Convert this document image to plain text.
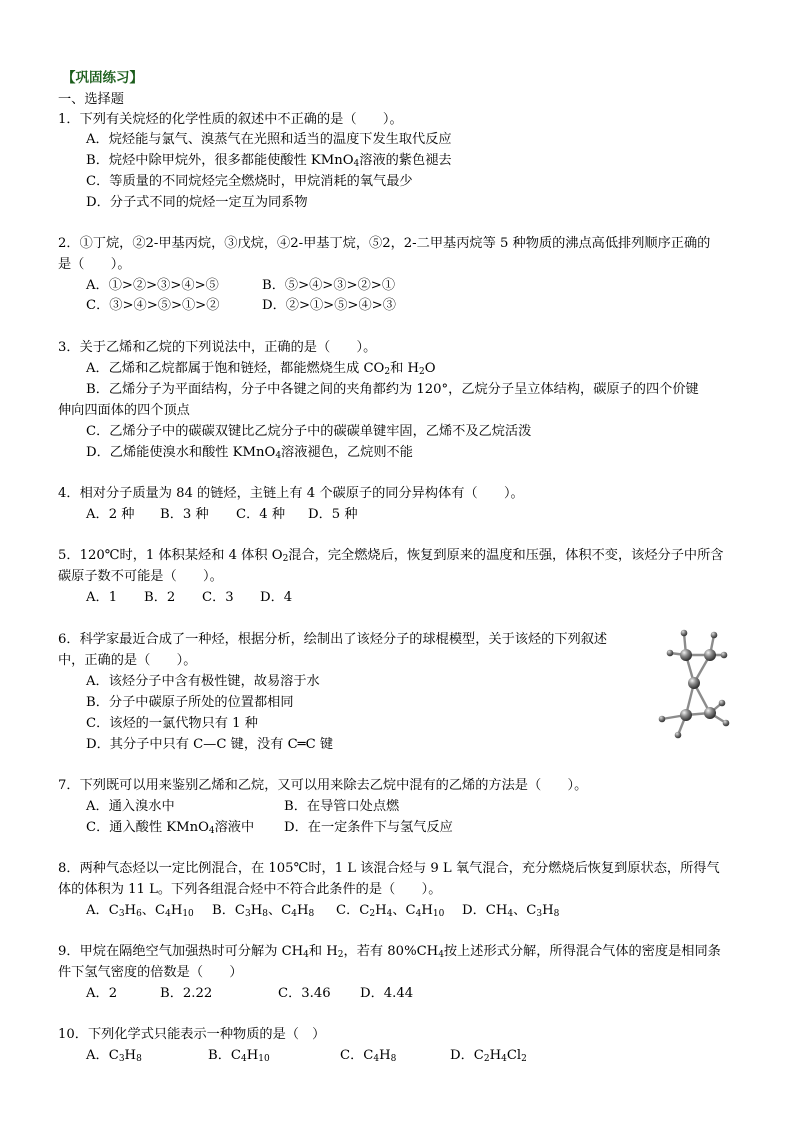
【巩固练习】
一、选择题
1．下列有关烷烃的化学性质的叙述中不正确的是（　　）。
A．烷烃能与氯气、溴蒸气在光照和适当的温度下发生取代反应
B．烷烃中除甲烷外，很多都能使酸性 KMnO$_4$溶液的紫色褪去
C．等质量的不同烷烃完全燃烧时，甲烷消耗的氧气最少
D．分子式不同的烷烃一定互为同系物
2．①丁烷，②2-甲基丙烷，③戊烷，④2-甲基丁烷，⑤2，2-二甲基丙烷等 5 种物质的沸点高低排列顺序正确的
是（　　）。
A．①>②>③>④>⑤	B．⑤>④>③>②>①
C．③>④>⑤>①>②	D．②>①>⑤>④>③
3．关于乙烯和乙烷的下列说法中，正确的是（　　）。
A．乙烯和乙烷都属于饱和链烃，都能燃烧生成 $CO_2$和 $H_2O$
B．乙烯分子为平面结构，分子中各键之间的夹角都约为 120°，乙烷分子呈立体结构，碳原子的四个价键
伸向四面体的四个顶点
C．乙烯分子中的碳碳双键比乙烷分子中的碳碳单键牢固，乙烯不及乙烷活泼
D．乙烯能使溴水和酸性 KMnO$_4$溶液褪色，乙烷则不能
4．相对分子质量为 84 的链烃，主链上有 4 个碳原子的同分异构体有（　　）。
A．2 种 B．3 种 C．4 种 D．5 种
5．120℃时，1 体积某烃和 4 体积 $O_2$混合，完全燃烧后，恢复到原来的温度和压强，体积不变，该烃分子中所含
碳原子数不可能是（　　）。
A．1 B．2 C．3 D．4
6．科学家最近合成了一种烃，根据分析，绘制出了该烃分子的球棍模型，关于该烃的下列叙述
中，正确的是（　　）。
A．该烃分子中含有极性键，故易溶于水
B．分子中碳原子所处的位置都相同
C．该烃的一氯代物只有 1 种
D．其分子中只有 C—C 键，没有 C═C 键
7．下列既可以用来鉴别乙烯和乙烷，又可以用来除去乙烷中混有的乙烯的方法是（　　）。
A．通入溴水中	B．在导管口处点燃
C．通入酸性 KMnO$_4$溶液中 D．在一定条件下与氢气反应
8．两种气态烃以一定比例混合，在 105℃时，1 L 该混合烃与 9 L 氧气混合，充分燃烧后恢复到原状态，所得气
体的体积为 11 L。下列各组混合烃中不符合此条件的是（　　）。
A．$C_3H_6$、$C_4H_{10}$ B．$C_3H_8$、$C_4H_8$ C．$C_2H_4$、$C_4H_{10}$ D．$CH_4$、$C_3H_8$
9．甲烷在隔绝空气加强热时可分解为 $CH_4$和 $H_2$，若有 $80\%CH_4$按上述形式分解，所得混合气体的密度是相同条
件下氢气密度的倍数是（　　）
A．2	B．2.22	C．3.46 D．4.44
10．下列化学式只能表示一种物质的是（　）
A．$C_3H_8$	B．$C_4H_{10}$	C．$C_4H_8$	D．$C_2H_4Cl_2$
